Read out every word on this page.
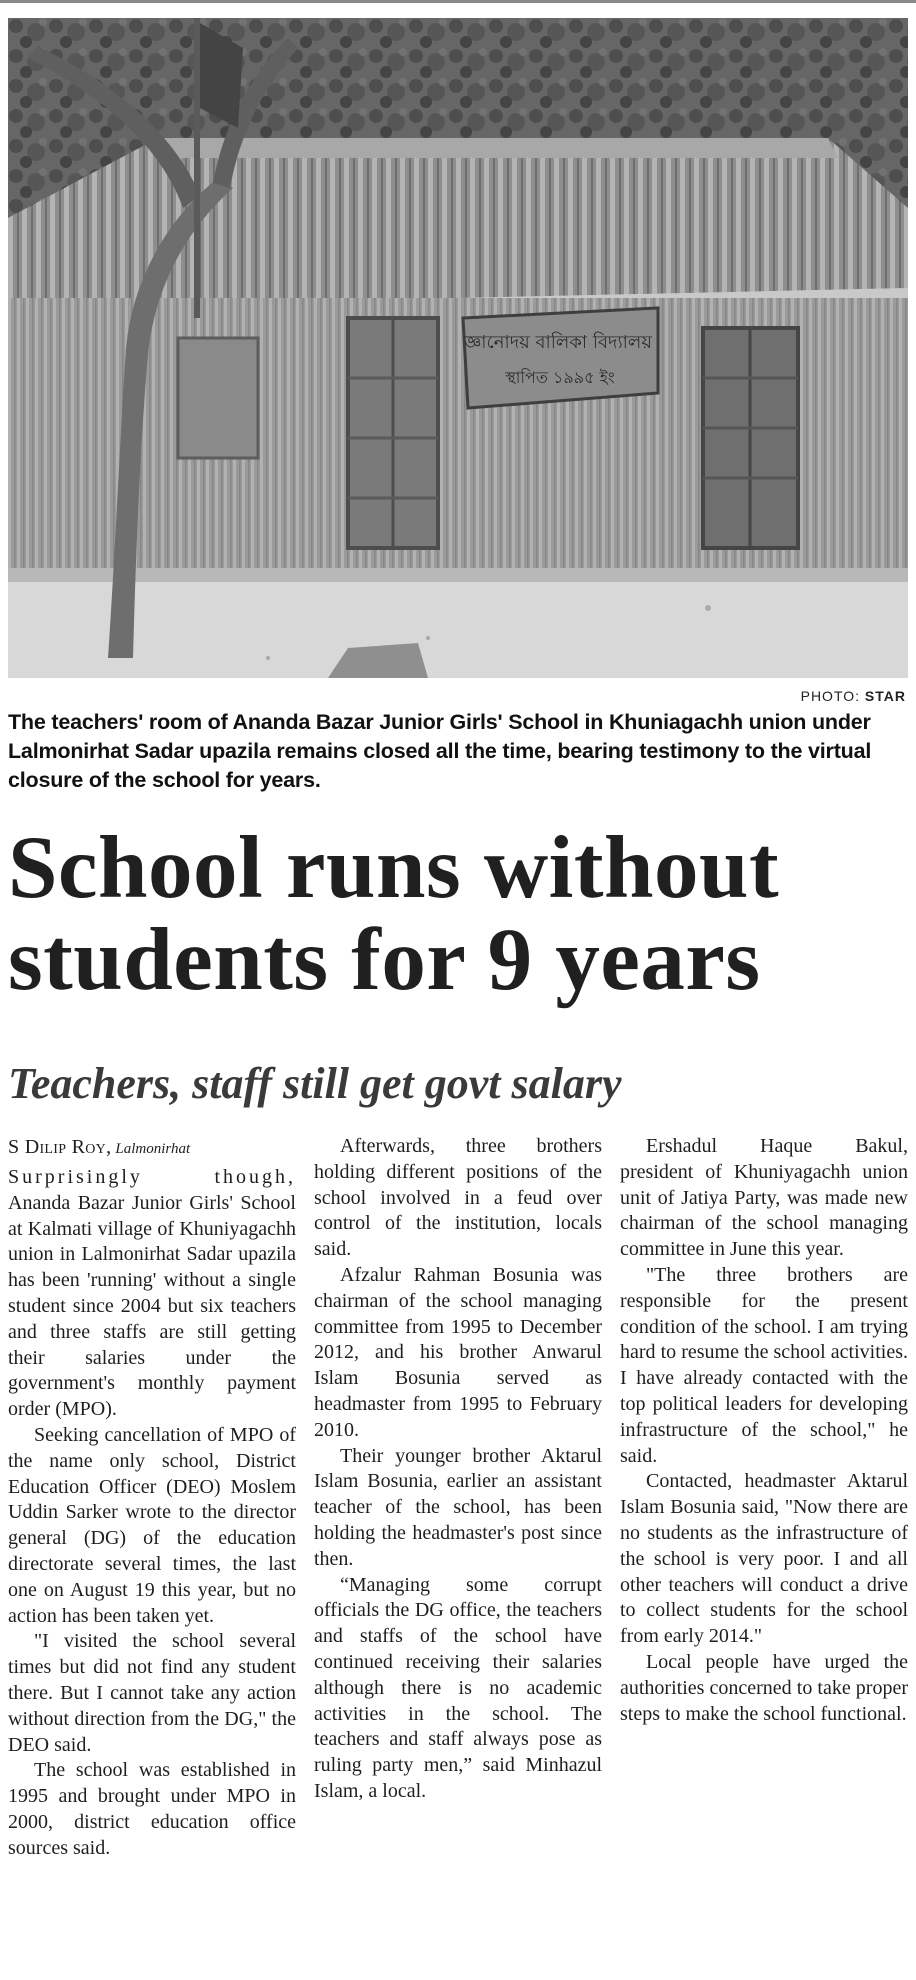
জ্ঞানোদয় বালিকা বিদ্যালয়
স্থাপিত ১৯৯৫ ইং
PHOTO: STAR
The teachers' room of Ananda Bazar Junior Girls' School in Khuniagachh union under Lalmonirhat Sadar upazila remains closed all the time, bearing testimony to the virtual closure of the school for years.
School runs without students for 9 years
Teachers, staff still get govt salary
S Dilip Roy, Lalmonirhat

Surprisingly though, Ananda Bazar Junior Girls' School at Kalmati village of Khuniyagachh union in Lalmonirhat Sadar upazila has been 'running' without a single student since 2004 but six teachers and three staffs are still getting their salaries under the government's monthly payment order (MPO).

Seeking cancellation of MPO of the name only school, District Education Officer (DEO) Moslem Uddin Sarker wrote to the director general (DG) of the education directorate several times, the last one on August 19 this year, but no action has been taken yet.

"I visited the school several times but did not find any student there. But I cannot take any action without direction from the DG," the DEO said.

The school was established in 1995 and brought under MPO in 2000, district education office sources said.

Afterwards, three brothers holding different positions of the school involved in a feud over control of the institution, locals said.

Afzalur Rahman Bosunia was chairman of the school managing committee from 1995 to December 2012, and his brother Anwarul Islam Bosunia served as headmaster from 1995 to February 2010.

Their younger brother Aktarul Islam Bosunia, earlier an assistant teacher of the school, has been holding the headmaster's post since then.

“Managing some corrupt officials the DG office, the teachers and staffs of the school have continued receiving their salaries although there is no academic activities in the school. The teachers and staff always pose as ruling party men,” said Minhazul Islam, a local.

Ershadul Haque Bakul, president of Khuniyagachh union unit of Jatiya Party, was made new chairman of the school managing committee in June this year.

"The three brothers are responsible for the present condition of the school. I am trying hard to resume the school activities. I have already contacted with the top political leaders for developing infrastructure of the school," he said.

Contacted, headmaster Aktarul Islam Bosunia said, "Now there are no students as the infrastructure of the school is very poor. I and all other teachers will conduct a drive to collect students for the school from early 2014."

Local people have urged the authorities concerned to take proper steps to make the school functional.
